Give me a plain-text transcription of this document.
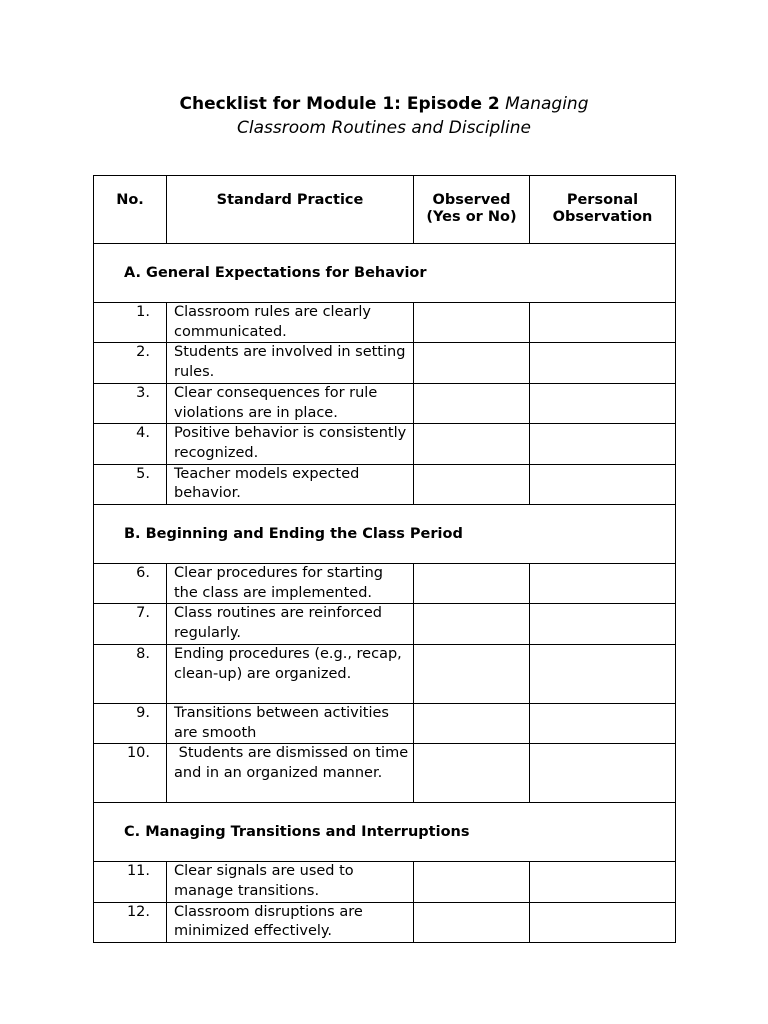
Checklist for Module 1: Episode 2 Managing
Classroom Routines and Discipline
No.	Standard Practice	Observed (Yes or No)	Personal Observation
A. General Expectations for Behavior			
1.	Classroom rules are clearly communicated.		
2.	Students are involved in setting rules.		
3.	Clear consequences for rule violations are in place.		
4.	Positive behavior is consistently recognized.		
5.	Teacher models expected behavior.		
B. Beginning and Ending the Class Period			
6.	Clear procedures for starting the class are implemented.		
7.	Class routines are reinforced regularly.		
8.	Ending procedures (e.g., recap, clean-up) are organized.		
9.	Transitions between activities are smooth		
10.	Students are dismissed on time and in an organized manner.		
C. Managing Transitions and Interruptions			
11.	Clear signals are used to manage transitions.		
12.	Classroom disruptions are minimized effectively.		
